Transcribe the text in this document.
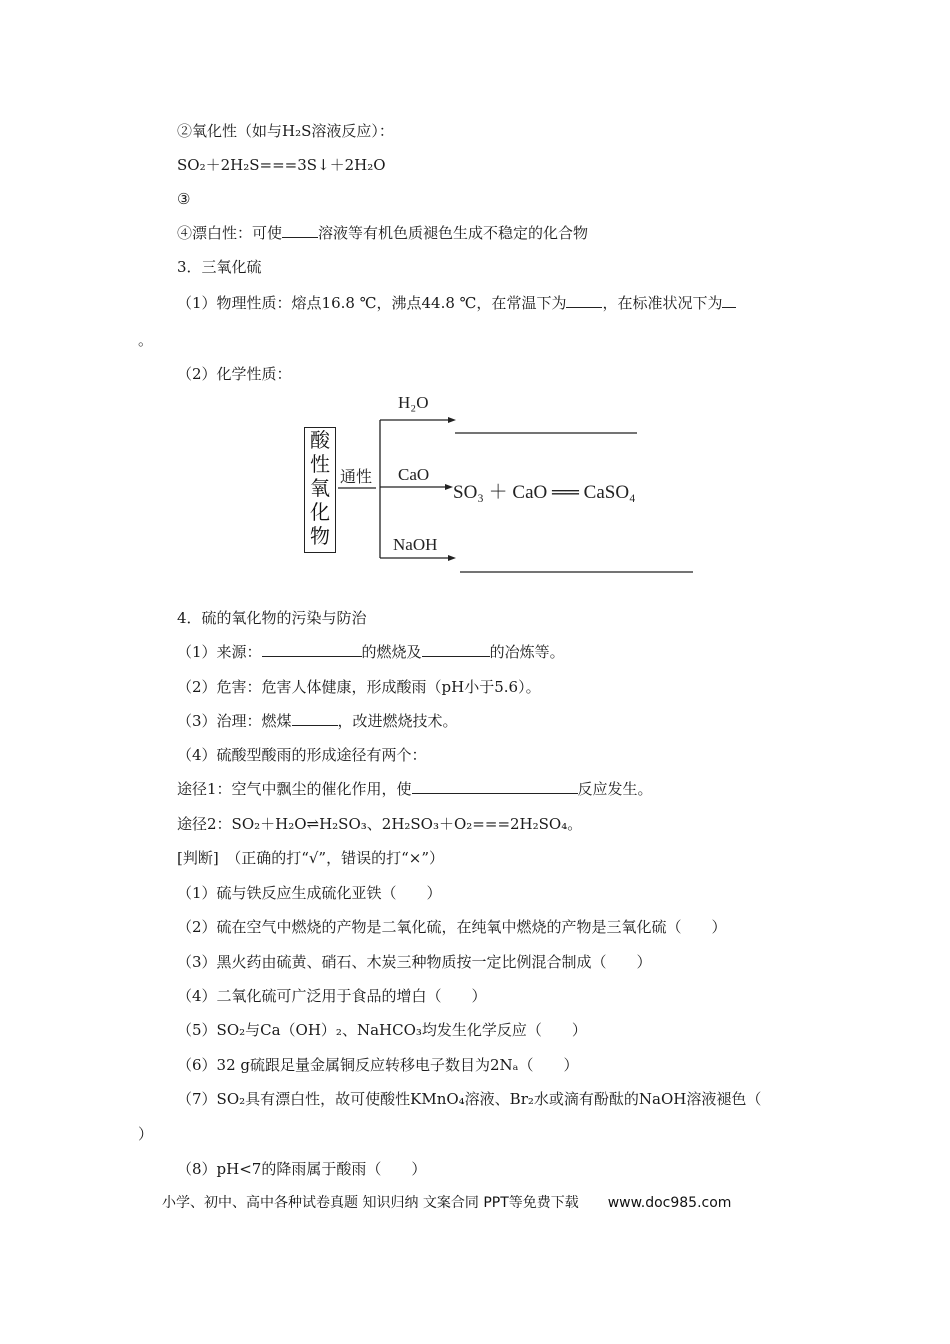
②氧化性（如与H₂S溶液反应）：
SO₂＋2H₂S===3S↓＋2H₂O
③
④漂白性：可使 溶液等有机色质褪色生成不稳定的化合物
3．三氧化硫
（1）物理性质：熔点16.8 ℃，沸点44.8 ℃，在常温下为 ，在标准状况下为
。
（2）化学性质：
酸
性
氧
化
物
通性
H₂O
CaO
NaOH
SO₃ ＋ CaO ══ CaSO₄
4．硫的氧化物的污染与防治
（1）来源：	的燃烧及	的冶炼等。
（2）危害：危害人体健康，形成酸雨（pH小于5.6）。
（3）治理：燃煤	，改进燃烧技术。
（4）硫酸型酸雨的形成途径有两个：
途径1：空气中飘尘的催化作用，使	反应发生。
途径2：SO₂＋H₂O⇌H₂SO₃、2H₂SO₃＋O₂===2H₂SO₄。
[判断]　（正确的打“√”，错误的打“×”）
（1）硫与铁反应生成硫化亚铁（　　）
（2）硫在空气中燃烧的产物是二氧化硫，在纯氧中燃烧的产物是三氧化硫（　　）
（3）黑火药由硫黄、硝石、木炭三种物质按一定比例混合制成（　　）
（4）二氧化硫可广泛用于食品的增白（　　）
（5）SO₂与Ca（OH）₂、NaHCO₃均发生化学反应（　　）
（6）32 g硫跟足量金属铜反应转移电子数目为2Nₐ（　　）
（7）SO₂具有漂白性，故可使酸性KMnO₄溶液、Br₂水或滴有酚酞的NaOH溶液褪色（
）
（8）pH<7的降雨属于酸雨（　　）
小学、初中、高中各种试卷真题 知识归纳 文案合同 PPT等免费下载 www.doc985.com
